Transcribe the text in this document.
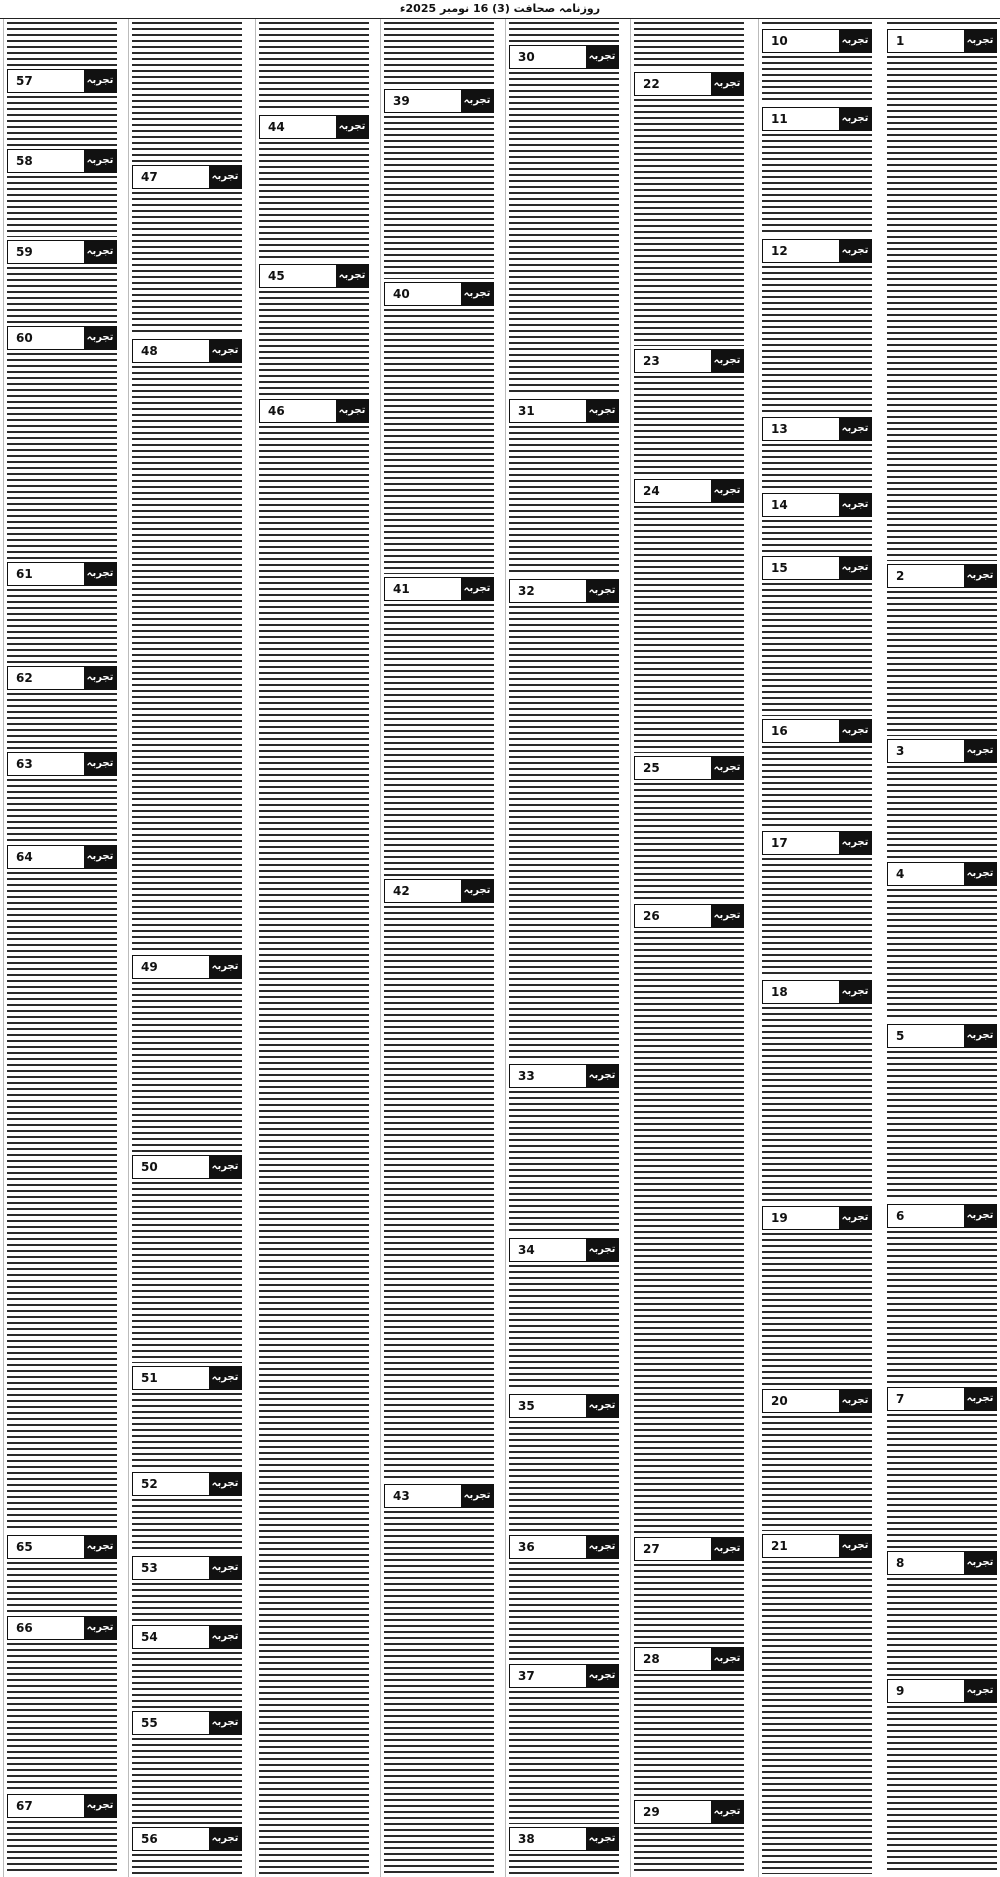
روزنامہ صحافت (3) 16 نومبر 2025ء
1	تجربہ
2	تجربہ
3	تجربہ
4	تجربہ
5	تجربہ
6	تجربہ
7	تجربہ
8	تجربہ
9	تجربہ
10	تجربہ
11	تجربہ
12	تجربہ
13	تجربہ
14	تجربہ
15	تجربہ
16	تجربہ
17	تجربہ
18	تجربہ
19	تجربہ
20	تجربہ
21	تجربہ
22	تجربہ
23	تجربہ
24	تجربہ
25	تجربہ
26	تجربہ
27	تجربہ
28	تجربہ
29	تجربہ
30	تجربہ
31	تجربہ
32	تجربہ
33	تجربہ
34	تجربہ
35	تجربہ
36	تجربہ
37	تجربہ
38	تجربہ
39	تجربہ
40	تجربہ
41	تجربہ
42	تجربہ
43	تجربہ
44	تجربہ
45	تجربہ
46	تجربہ
47	تجربہ
48	تجربہ
49	تجربہ
50	تجربہ
51	تجربہ
52	تجربہ
53	تجربہ
54	تجربہ
55	تجربہ
56	تجربہ
57	تجربہ
58	تجربہ
59	تجربہ
60	تجربہ
61	تجربہ
62	تجربہ
63	تجربہ
64	تجربہ
65	تجربہ
66	تجربہ
67	تجربہ
